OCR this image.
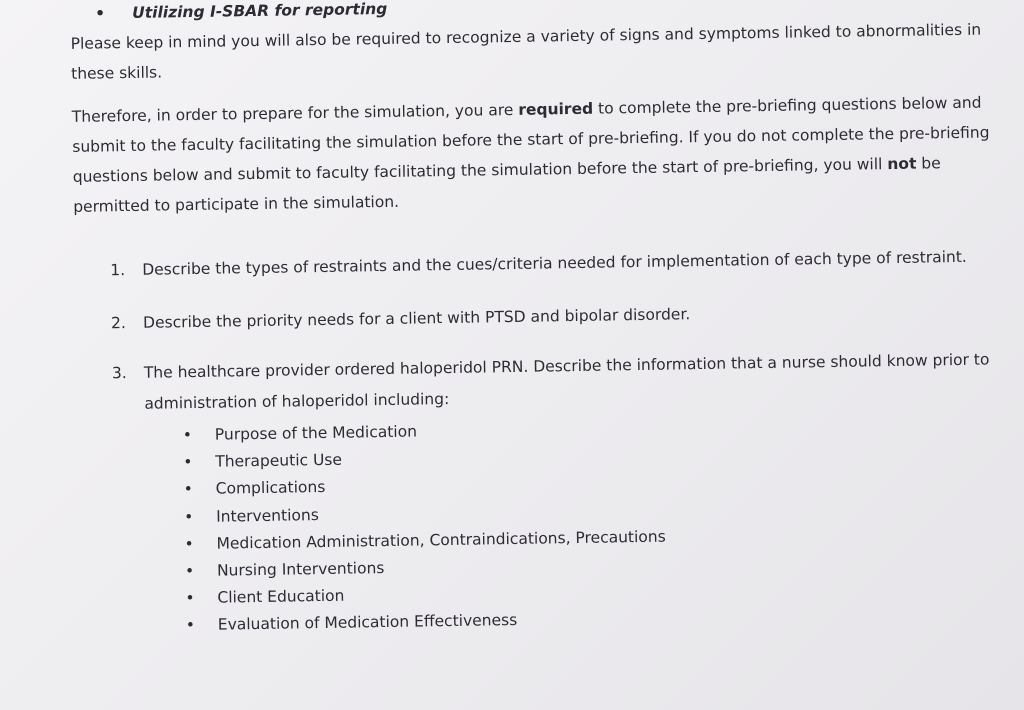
• Utilizing I-SBAR for reporting
Please keep in mind you will also be required to recognize a variety of signs and symptoms linked to abnormalities in these skills.
Therefore, in order to prepare for the simulation, you are required to complete the pre-briefing questions below and submit to the faculty facilitating the simulation before the start of pre-briefing. If you do not complete the pre-briefing questions below and submit to faculty facilitating the simulation before the start of pre-briefing, you will not be permitted to participate in the simulation.
1. Describe the types of restraints and the cues/criteria needed for implementation of each type of restraint.
2. Describe the priority needs for a client with PTSD and bipolar disorder.
3. The healthcare provider ordered haloperidol PRN. Describe the information that a nurse should know prior to administration of haloperidol including:
• Purpose of the Medication
• Therapeutic Use
• Complications
• Interventions
• Medication Administration, Contraindications, Precautions
• Nursing Interventions
• Client Education
• Evaluation of Medication Effectiveness
